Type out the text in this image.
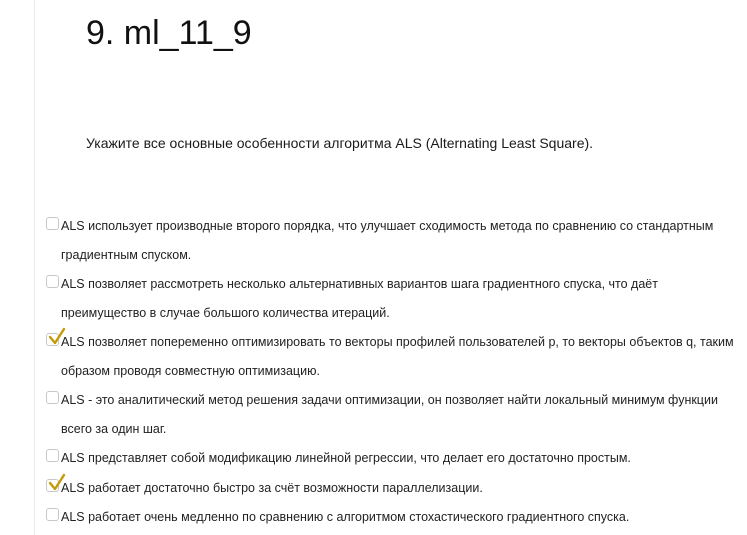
9. ml_11_9

Укажите все основные особенности алгоритма ALS (Alternating Least Square).

ALS использует производные второго порядка, что улучшает сходимость метода по сравнению со стандартным градиентным спуском.
ALS позволяет рассмотреть несколько альтернативных вариантов шага градиентного спуска, что даёт преимущество в случае большого количества итераций.
ALS позволяет попеременно оптимизировать то векторы профилей пользователей p, то векторы объектов q, таким образом проводя совместную оптимизацию.
ALS - это аналитический метод решения задачи оптимизации, он позволяет найти локальный минимум функции всего за один шаг.
ALS представляет собой модификацию линейной регрессии, что делает его достаточно простым.
ALS работает достаточно быстро за счёт возможности параллелизации.
ALS работает очень медленно по сравнению с алгоритмом стохастического градиентного спуска.
